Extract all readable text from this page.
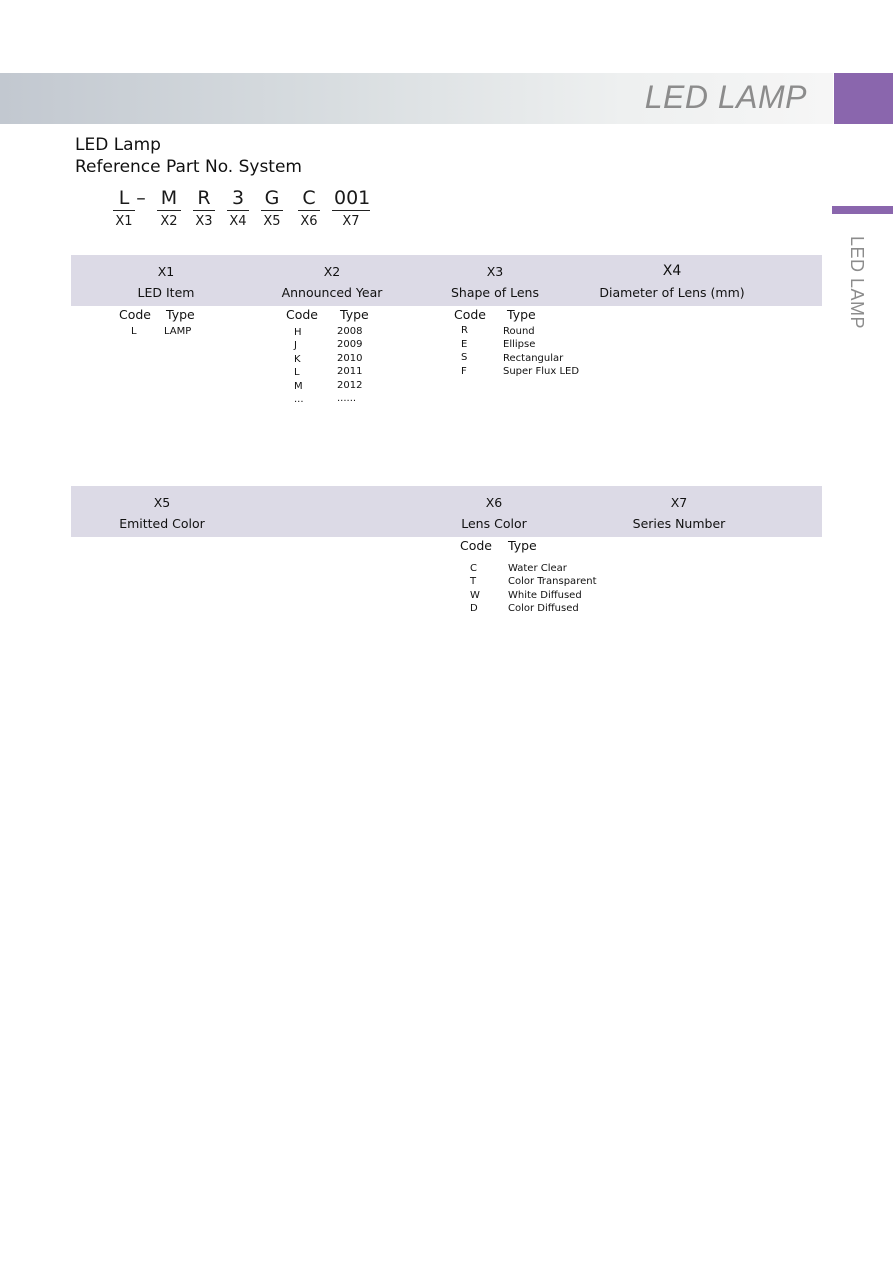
LED LAMP
LED LAMP
LED Lamp
Reference Part No. System
L
X1
– M
X2
R
X3
3
X4
G
X5
C
X6
001
X7
X1
LED Item
X2
Announced Year
X3
Shape of Lens
X4
Diameter of Lens (mm)
Code Type
L	LAMP
Code Type
H	2008
J	2009
K	2010
L	2011
M	2012
...	......
Code Type
R	Round
E	Ellipse
S	Rectangular
F	Super Flux LED
X5
Emitted Color
X6
Lens Color
X7
Series Number
Code Type
C	Water Clear
T	Color Transparent
W	White Diffused
D	Color Diffused
